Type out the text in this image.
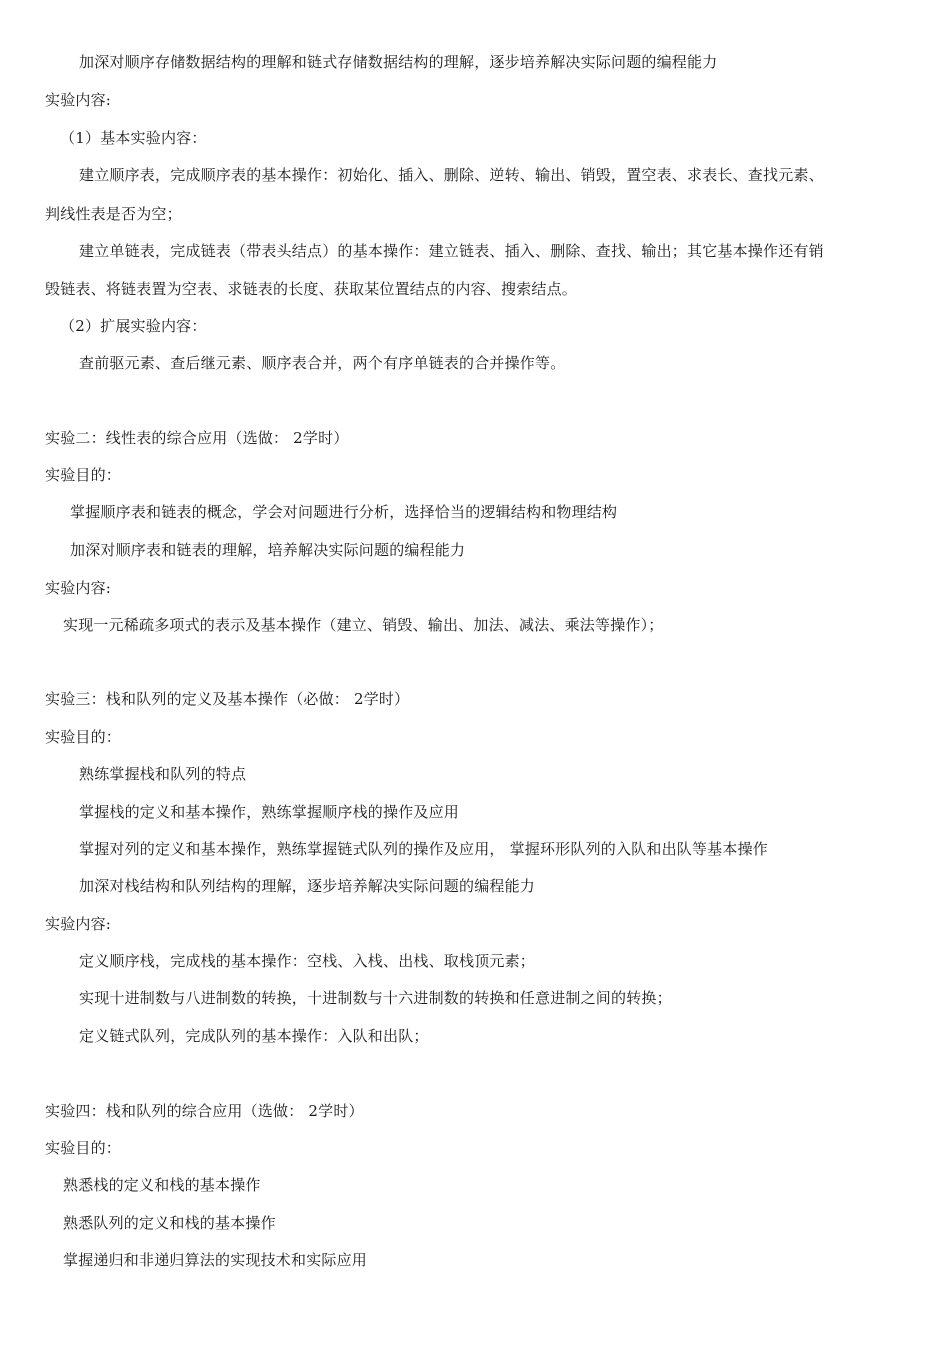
加深对顺序存储数据结构的理解和链式存储数据结构的理解，逐步培养解决实际问题的编程能力
实验内容:
（1）基本实验内容：
建立顺序表，完成顺序表的基本操作：初始化、插入、删除、逆转、输出、销毁，置空表、求表长、查找元素、
判线性表是否为空；
建立单链表，完成链表（带表头结点）的基本操作：建立链表、插入、删除、查找、输出；其它基本操作还有销
毁链表、将链表置为空表、求链表的长度、获取某位置结点的内容、搜索结点。
（2）扩展实验内容：
查前驱元素、查后继元素、顺序表合并，两个有序单链表的合并操作等。
实验二：线性表的综合应用（选做： 2学时）
实验目的：
掌握顺序表和链表的概念，学会对问题进行分析，选择恰当的逻辑结构和物理结构
加深对顺序表和链表的理解，培养解决实际问题的编程能力
实验内容:
实现一元稀疏多项式的表示及基本操作（建立、销毁、输出、加法、减法、乘法等操作）；
实验三：栈和队列的定义及基本操作（必做： 2学时）
实验目的：
熟练掌握栈和队列的特点
掌握栈的定义和基本操作，熟练掌握顺序栈的操作及应用
掌握对列的定义和基本操作，熟练掌握链式队列的操作及应用， 掌握环形队列的入队和出队等基本操作
加深对栈结构和队列结构的理解，逐步培养解决实际问题的编程能力
实验内容:
定义顺序栈，完成栈的基本操作：空栈、入栈、出栈、取栈顶元素；
实现十进制数与八进制数的转换，十进制数与十六进制数的转换和任意进制之间的转换；
定义链式队列，完成队列的基本操作：入队和出队；
实验四：栈和队列的综合应用（选做： 2学时）
实验目的：
熟悉栈的定义和栈的基本操作
熟悉队列的定义和栈的基本操作
掌握递归和非递归算法的实现技术和实际应用
